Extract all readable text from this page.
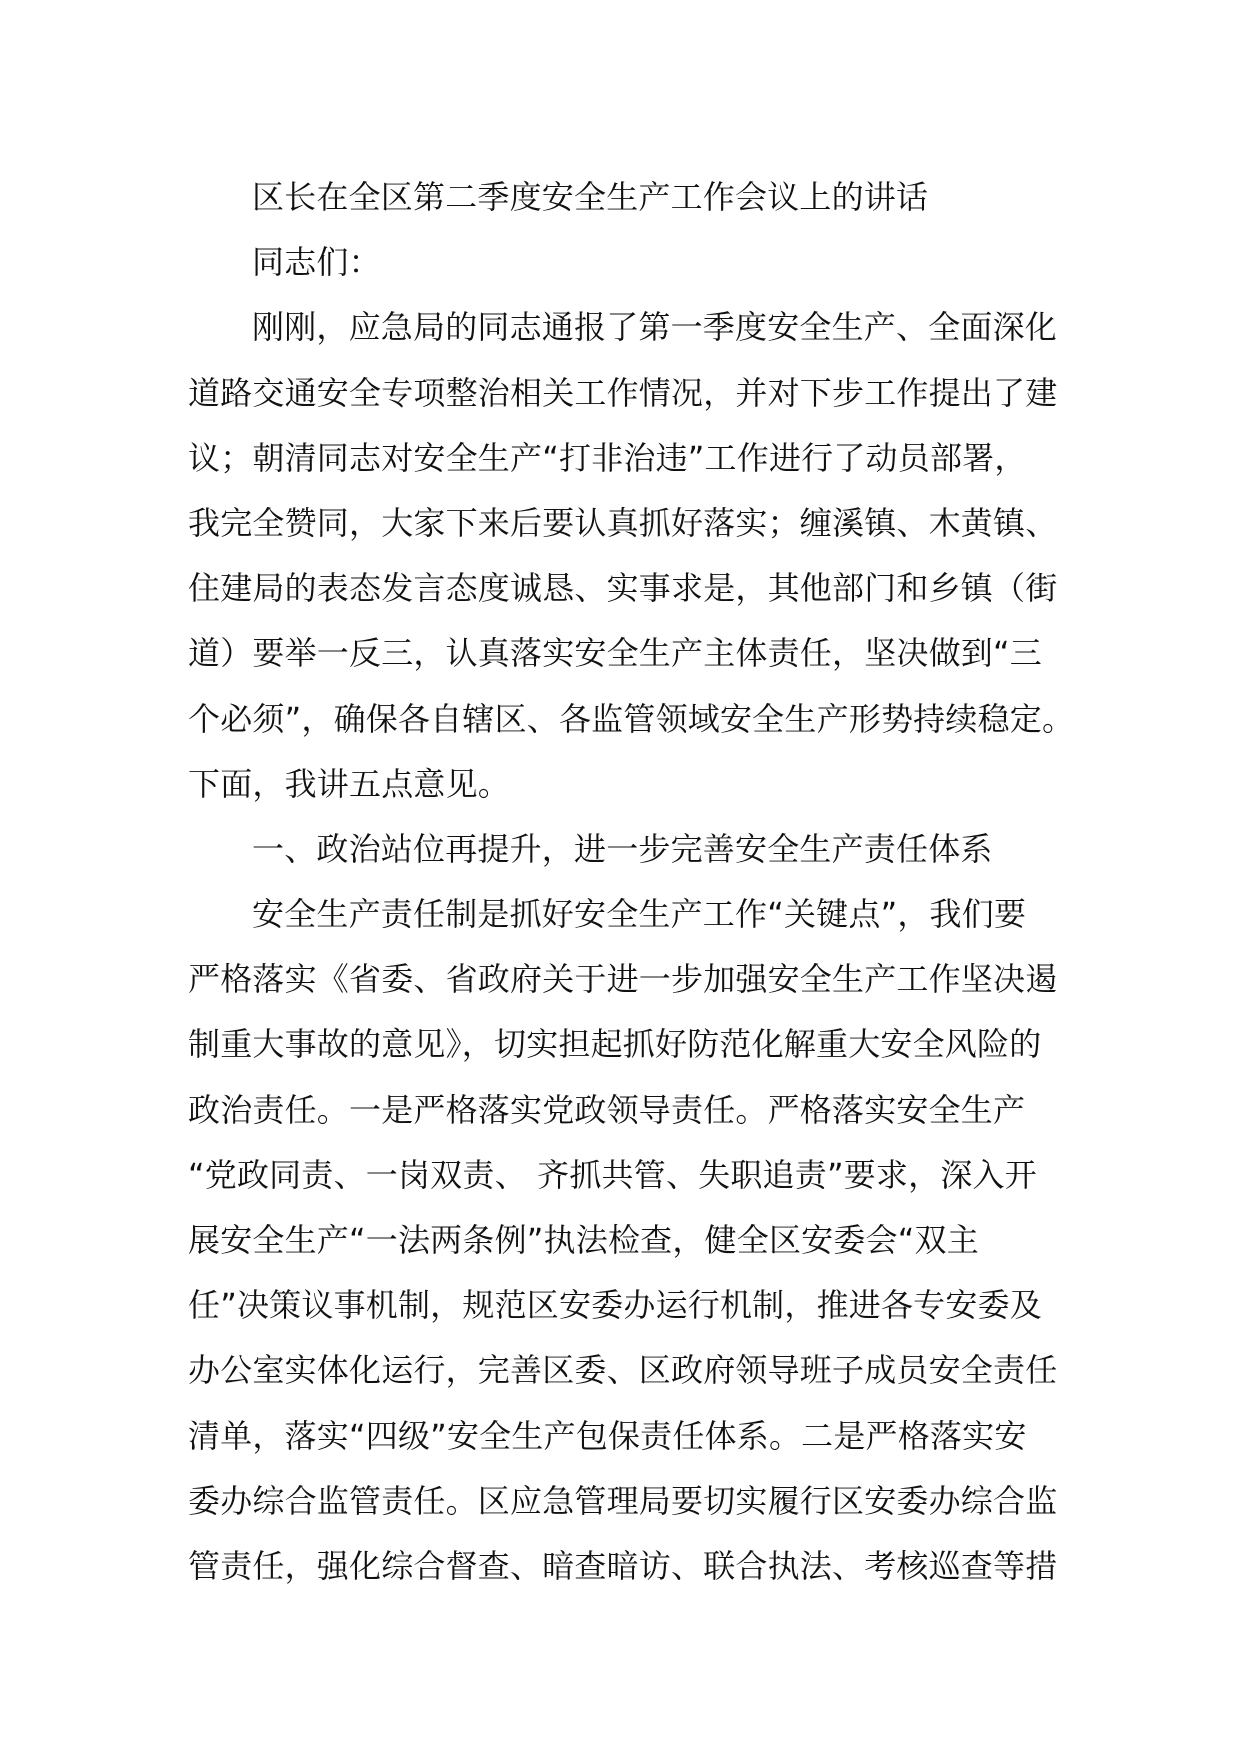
区长在全区第二季度安全生产工作会议上的讲话
同志们：
刚刚，应急局的同志通报了第一季度安全生产、全面深化
道路交通安全专项整治相关工作情况，并对下步工作提出了建
议；朝清同志对安全生产“打非治违”工作进行了动员部署，
我完全赞同，大家下来后要认真抓好落实；缠溪镇、木黄镇、
住建局的表态发言态度诚恳、实事求是，其他部门和乡镇（街
道）要举一反三，认真落实安全生产主体责任，坚决做到“三
个必须”，确保各自辖区、各监管领域安全生产形势持续稳定。
下面，我讲五点意见。
一、政治站位再提升，进一步完善安全生产责任体系
安全生产责任制是抓好安全生产工作“关键点”，我们要
严格落实《省委、省政府关于进一步加强安全生产工作坚决遏
制重大事故的意见》，切实担起抓好防范化解重大安全风险的
政治责任。一是严格落实党政领导责任。严格落实安全生产
“党政同责、一岗双责、 齐抓共管、失职追责”要求，深入开
展安全生产“一法两条例”执法检查，健全区安委会“双主
任”决策议事机制，规范区安委办运行机制，推进各专安委及
办公室实体化运行，完善区委、区政府领导班子成员安全责任
清单，落实“四级”安全生产包保责任体系。二是严格落实安
委办综合监管责任。区应急管理局要切实履行区安委办综合监
管责任，强化综合督查、暗查暗访、联合执法、考核巡查等措
